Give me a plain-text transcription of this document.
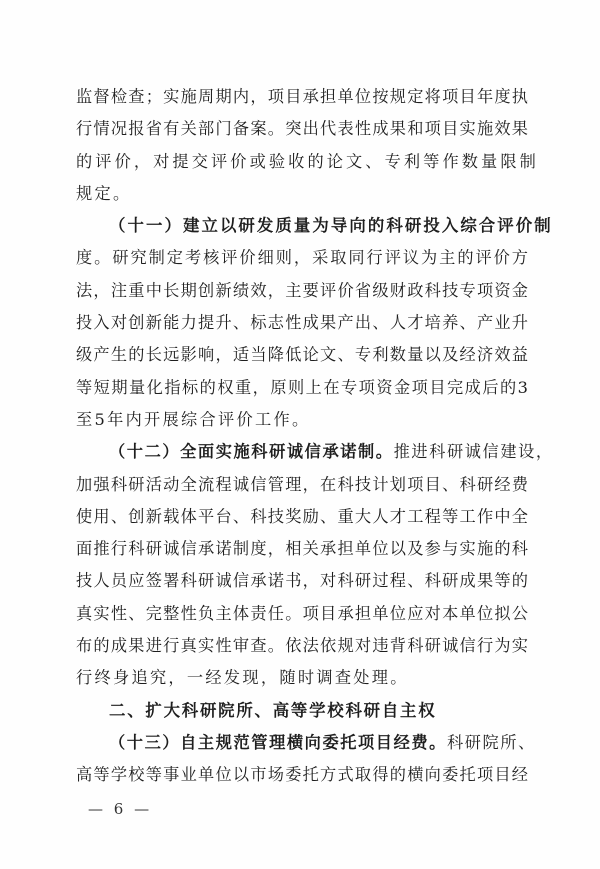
监督检查；实施周期内，项目承担单位按规定将项目年度执
行情况报省有关部门备案。突出代表性成果和项目实施效果
的评价，对提交评价或验收的论文、专利等作数量限制
规定。
（十一）建立以研发质量为导向的科研投入综合评价制
度。研究制定考核评价细则，采取同行评议为主的评价方
法，注重中长期创新绩效，主要评价省级财政科技专项资金
投入对创新能力提升、标志性成果产出、人才培养、产业升
级产生的长远影响，适当降低论文、专利数量以及经济效益
等短期量化指标的权重，原则上在专项资金项目完成后的3
至5年内开展综合评价工作。
（十二）全面实施科研诚信承诺制。推进科研诚信建设，
加强科研活动全流程诚信管理，在科技计划项目、科研经费
使用、创新载体平台、科技奖励、重大人才工程等工作中全
面推行科研诚信承诺制度，相关承担单位以及参与实施的科
技人员应签署科研诚信承诺书，对科研过程、科研成果等的
真实性、完整性负主体责任。项目承担单位应对本单位拟公
布的成果进行真实性审查。依法依规对违背科研诚信行为实
行终身追究，一经发现，随时调查处理。
二、扩大科研院所、高等学校科研自主权
（十三）自主规范管理横向委托项目经费。科研院所、
高等学校等事业单位以市场委托方式取得的横向委托项目经
— 6 —
